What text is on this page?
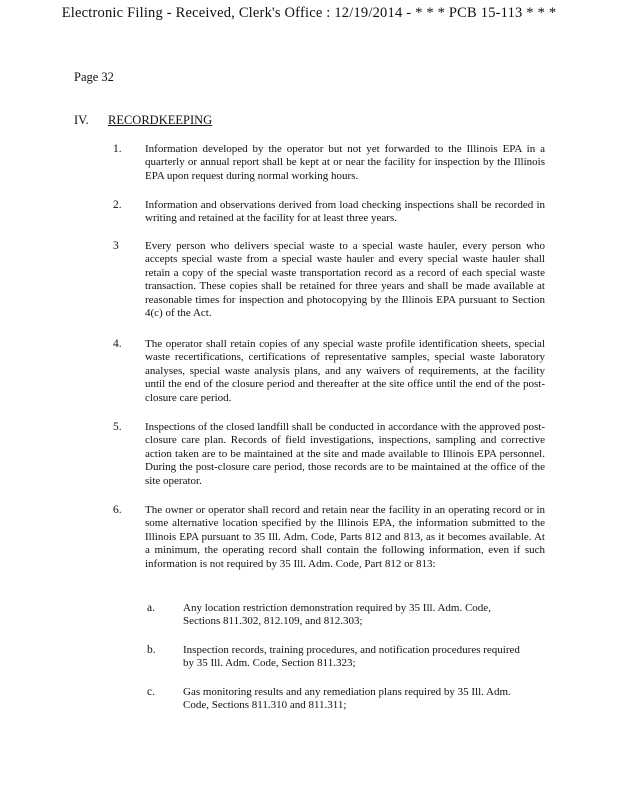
Electronic Filing - Received, Clerk's Office : 12/19/2014 - * * * PCB 15-113 * * *
Page 32
IV. RECORDKEEPING
1. Information developed by the operator but not yet forwarded to the Illinois EPA in a quarterly or annual report shall be kept at or near the facility for inspection by the Illinois EPA upon request during normal working hours.
2. Information and observations derived from load checking inspections shall be recorded in writing and retained at the facility for at least three years.
3 Every person who delivers special waste to a special waste hauler, every person who accepts special waste from a special waste hauler and every special waste hauler shall retain a copy of the special waste transportation record as a record of each special waste transaction. These copies shall be retained for three years and shall be made available at reasonable times for inspection and photocopying by the Illinois EPA pursuant to Section 4(c) of the Act.
4. The operator shall retain copies of any special waste profile identification sheets, special waste recertifications, certifications of representative samples, special waste laboratory analyses, special waste analysis plans, and any waivers of requirements, at the facility until the end of the closure period and thereafter at the site office until the end of the post-closure care period.
5. Inspections of the closed landfill shall be conducted in accordance with the approved post-closure care plan. Records of field investigations, inspections, sampling and corrective action taken are to be maintained at the site and made available to Illinois EPA personnel. During the post-closure care period, those records are to be maintained at the office of the site operator.
6. The owner or operator shall record and retain near the facility in an operating record or in some alternative location specified by the Illinois EPA, the information submitted to the Illinois EPA pursuant to 35 Ill. Adm. Code, Parts 812 and 813, as it becomes available. At a minimum, the operating record shall contain the following information, even if such information is not required by 35 Ill. Adm. Code, Part 812 or 813:
a.	Any location restriction demonstration required by 35 Ill. Adm. Code, Sections 811.302, 812.109, and 812.303;
b. Inspection records, training procedures, and notification procedures required by 35 Ill. Adm. Code, Section 811.323;
c.	Gas monitoring results and any remediation plans required by 35 Ill. Adm. Code, Sections 811.310 and 811.311;
